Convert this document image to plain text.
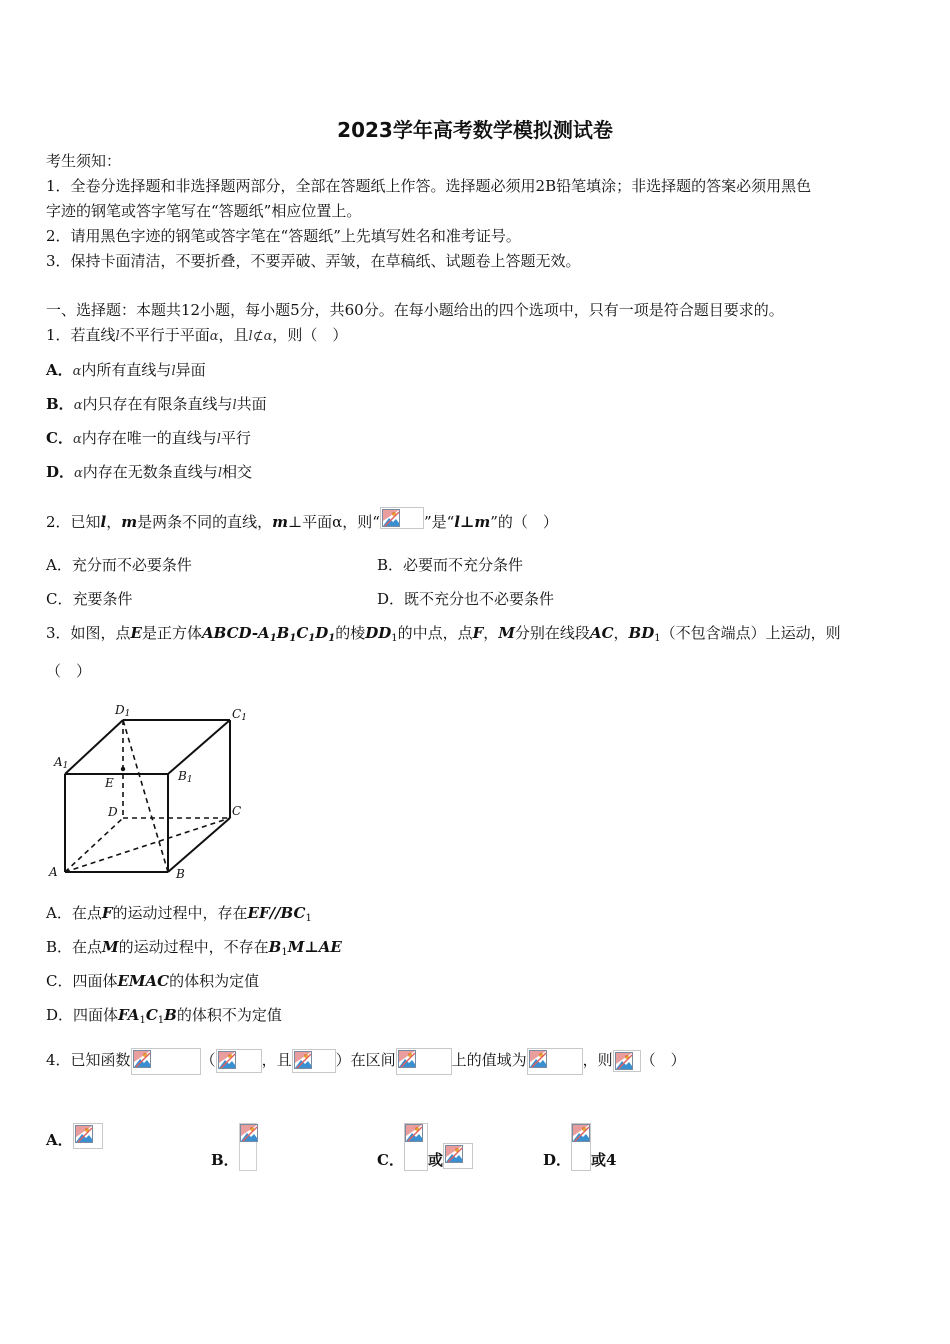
2023学年高考数学模拟测试卷
考生须知：
1．全卷分选择题和非选择题两部分，全部在答题纸上作答。选择题必须用2B铅笔填涂；非选择题的答案必须用黑色
字迹的钢笔或答字笔写在“答题纸”相应位置上。
2．请用黑色字迹的钢笔或答字笔在“答题纸”上先填写姓名和准考证号。
3．保持卡面清洁，不要折叠，不要弄破、弄皱，在草稿纸、试题卷上答题无效。
一、选择题：本题共12小题，每小题5分，共60分。在每小题给出的四个选项中，只有一项是符合题目要求的。
1．若直线l不平行于平面α，且l⊄α，则（　）
A．α内所有直线与l异面
B．α内只存在有限条直线与l共面
C．α内存在唯一的直线与l平行
D．α内存在无数条直线与l相交
2．已知l，m是两条不同的直线，m⊥平面α，则“	”是“l⊥m”的（　）
A．充分而不必要条件	B．必要而不充分条件
C．充要条件	D．既不充分也不必要条件
3．如图，点E是正方体ABCD-$A_1B_1C_1D_1$的棱$DD_1$的中点，点F，M分别在线段AC，$BD_1$（不包含端点）上运动，则
（　）
D1	C1
A1
B1
E
D	C
A	B
A．在点F的运动过程中，存在$EF//BC_1$
B．在点M的运动过程中，不存在$B_1M\perp AE$
C．四面体EMAC的体积为定值
D．四面体$FA_1C_1B$的体积不为定值
4．已知函数	（	，且	）在区间	上的值域为	，则 （　）
A．
B．	C． 或	D． 或4
